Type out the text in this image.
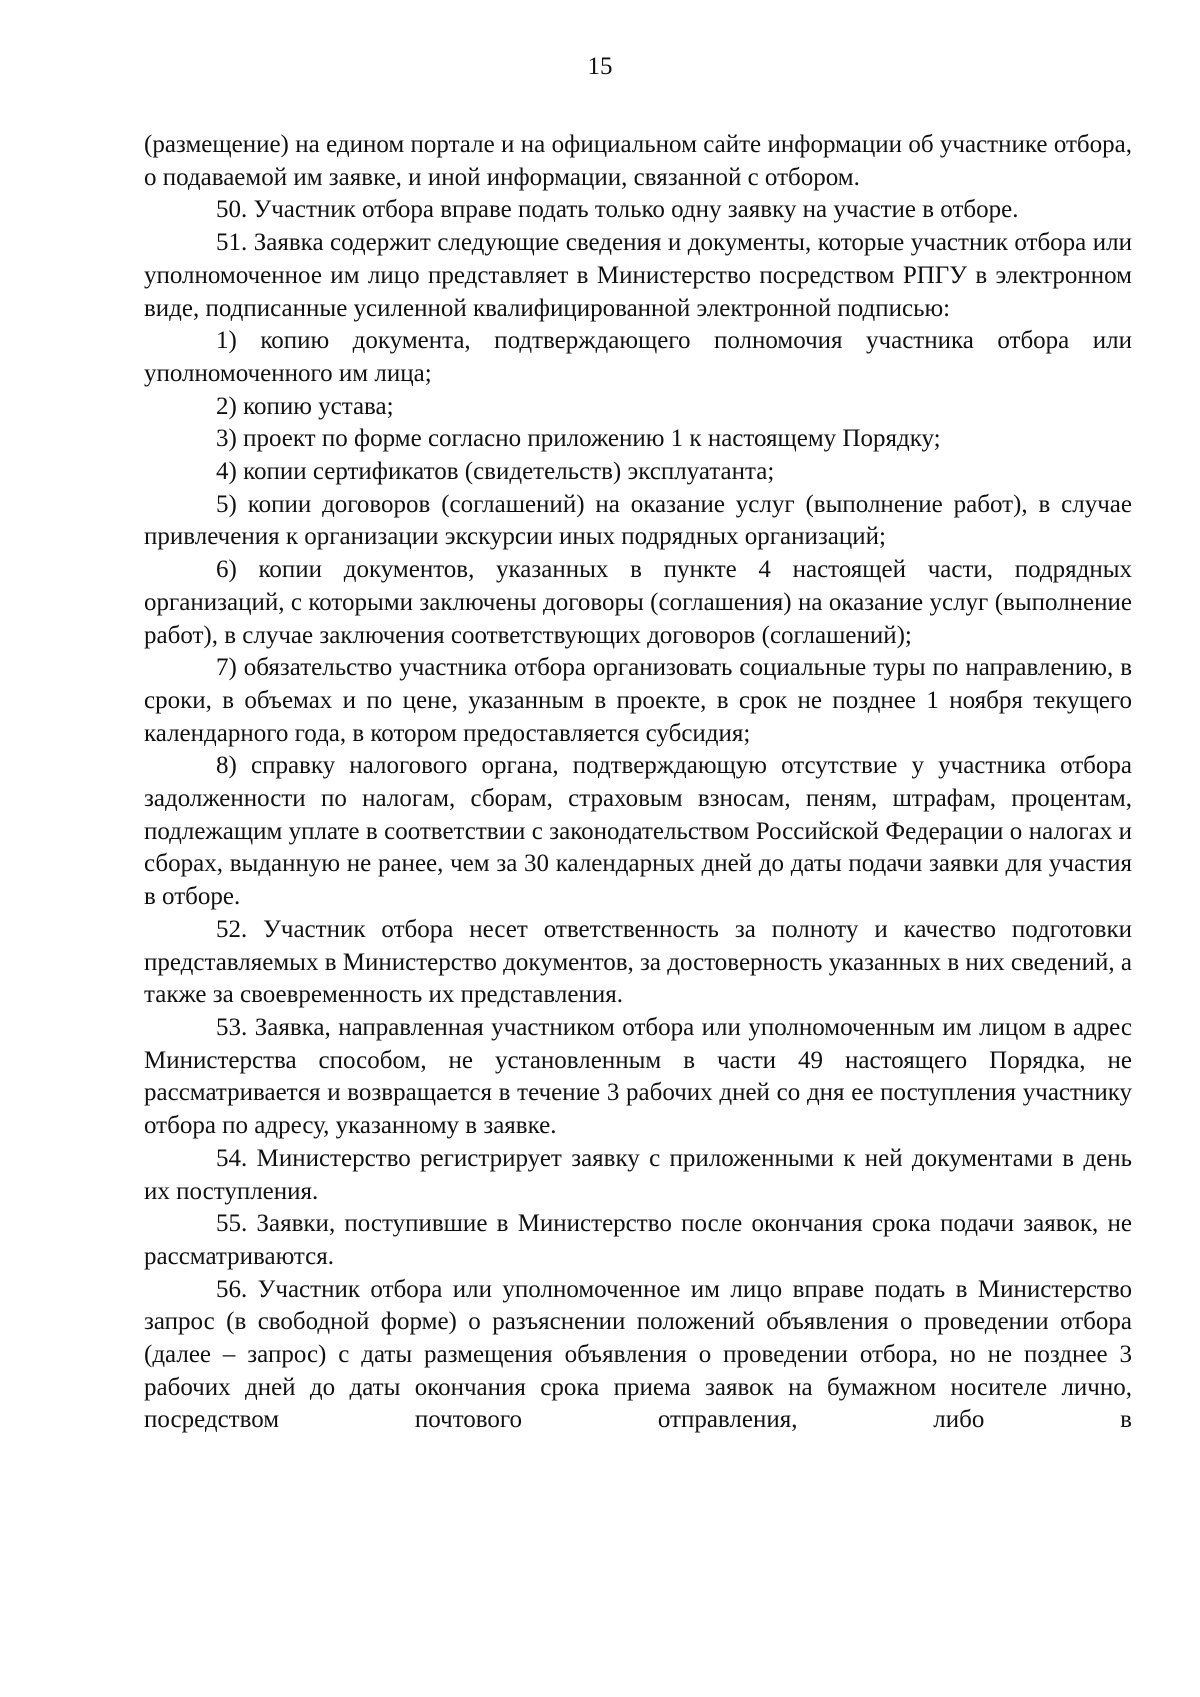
15

(размещение) на едином портале и на официальном сайте информации об участнике отбора, о подаваемой им заявке, и иной информации, связанной с отбором.

50. Участник отбора вправе подать только одну заявку на участие в отборе.

51. Заявка содержит следующие сведения и документы, которые участник отбора или уполномоченное им лицо представляет в Министерство посредством РПГУ в электронном виде, подписанные усиленной квалифицированной электронной подписью:

1) копию документа, подтверждающего полномочия участника отбора или уполномоченного им лица;

2) копию устава;

3) проект по форме согласно приложению 1 к настоящему Порядку;

4) копии сертификатов (свидетельств) эксплуатанта;

5) копии договоров (соглашений) на оказание услуг (выполнение работ), в случае привлечения к организации экскурсии иных подрядных организаций;

6) копии документов, указанных в пункте 4 настоящей части, подрядных организаций, с которыми заключены договоры (соглашения) на оказание услуг (выполнение работ), в случае заключения соответствующих договоров (соглашений);

7) обязательство участника отбора организовать социальные туры по направлению, в сроки, в объемах и по цене, указанным в проекте, в срок не позднее 1 ноября текущего календарного года, в котором предоставляется субсидия;

8) справку налогового органа, подтверждающую отсутствие у участника отбора задолженности по налогам, сборам, страховым взносам, пеням, штрафам, процентам, подлежащим уплате в соответствии с законодательством Российской Федерации о налогах и сборах, выданную не ранее, чем за 30 календарных дней до даты подачи заявки для участия в отборе.

52. Участник отбора несет ответственность за полноту и качество подготовки представляемых в Министерство документов, за достоверность указанных в них сведений, а также за своевременность их представления.

53. Заявка, направленная участником отбора или уполномоченным им лицом в адрес Министерства способом, не установленным в части 49 настоящего Порядка, не рассматривается и возвращается в течение 3 рабочих дней со дня ее поступления участнику отбора по адресу, указанному в заявке.

54. Министерство регистрирует заявку с приложенными к ней документами в день их поступления.

55. Заявки, поступившие в Министерство после окончания срока подачи заявок, не рассматриваются.

56. Участник отбора или уполномоченное им лицо вправе подать в Министерство запрос (в свободной форме) о разъяснении положений объявления о проведении отбора (далее – запрос) с даты размещения объявления о проведении отбора, но не позднее 3 рабочих дней до даты окончания срока приема заявок на бумажном носителе лично, посредством почтового отправления, либо в
